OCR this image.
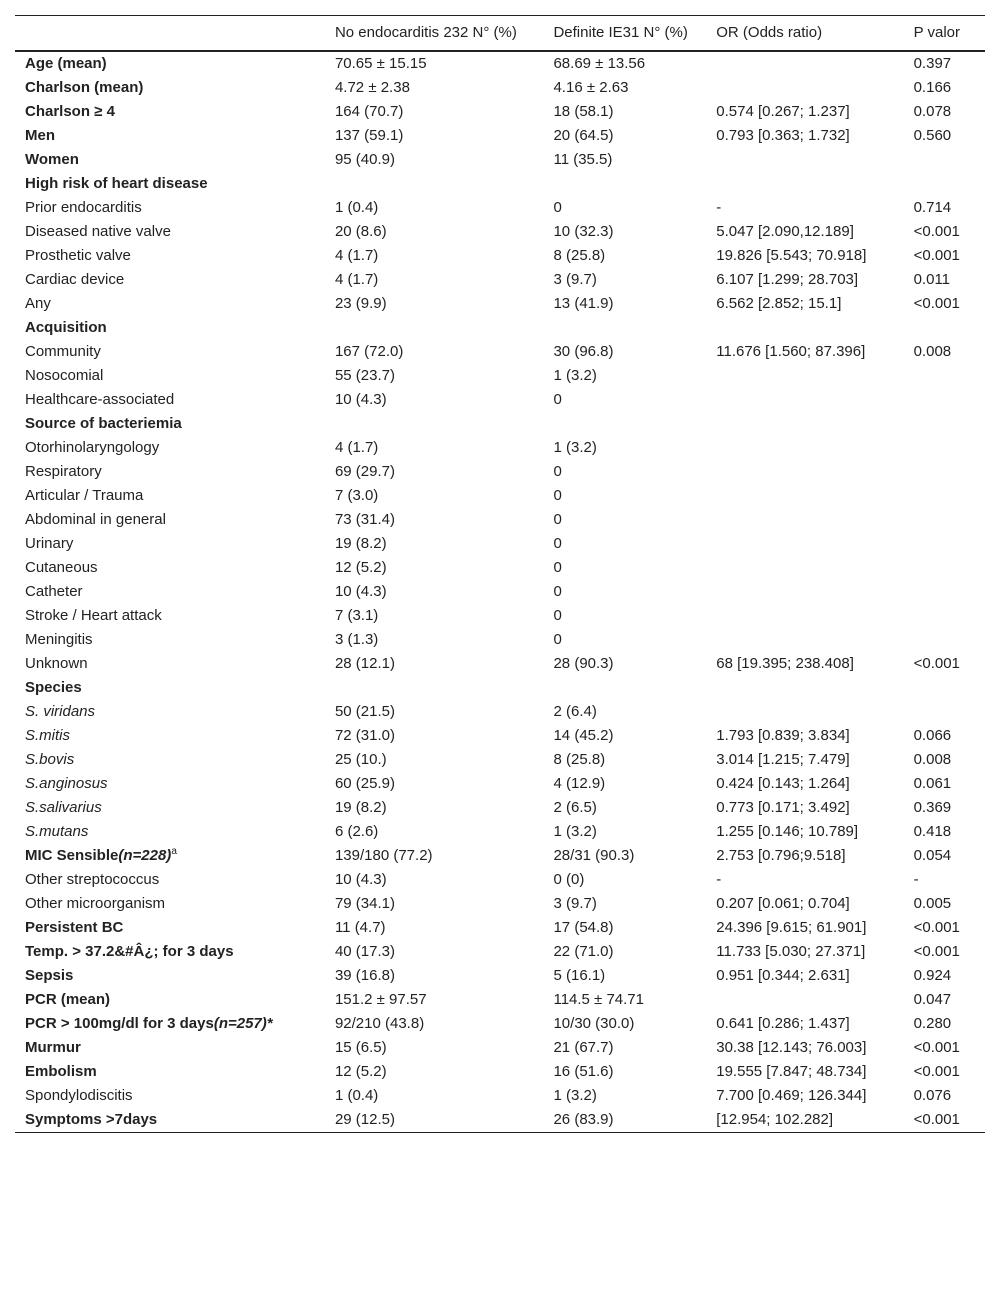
	No endocarditis 232 N° (%)	Definite IE31 N° (%)	OR (Odds ratio)	P valor
Age (mean)	70.65 ± 15.15	68.69 ± 13.56		0.397
Charlson (mean)	4.72 ± 2.38	4.16 ± 2.63		0.166
Charlson ≥ 4	164 (70.7)	18 (58.1)	0.574 [0.267; 1.237]	0.078
Men	137 (59.1)	20 (64.5)	0.793 [0.363; 1.732]	0.560
Women	95 (40.9)	11 (35.5)		
High risk of heart disease				
Prior endocarditis	1 (0.4)	0	-	0.714
Diseased native valve	20 (8.6)	10 (32.3)	5.047 [2.090,12.189]	<0.001
Prosthetic valve	4 (1.7)	8 (25.8)	19.826 [5.543; 70.918]	<0.001
Cardiac device	4 (1.7)	3 (9.7)	6.107 [1.299; 28.703]	0.011
Any	23 (9.9)	13 (41.9)	6.562 [2.852; 15.1]	<0.001
Acquisition				
Community	167 (72.0)	30 (96.8)	11.676 [1.560; 87.396]	0.008
Nosocomial	55 (23.7)	1 (3.2)		
Healthcare-associated	10 (4.3)	0		
Source of bacteriemia				
Otorhinolaryngology	4 (1.7)	1 (3.2)		
Respiratory	69 (29.7)	0		
Articular / Trauma	7 (3.0)	0		
Abdominal in general	73 (31.4)	0		
Urinary	19 (8.2)	0		
Cutaneous	12 (5.2)	0		
Catheter	10 (4.3)	0		
Stroke / Heart attack	7 (3.1)	0		
Meningitis	3 (1.3)	0		
Unknown	28 (12.1)	28 (90.3)	68 [19.395; 238.408]	<0.001
Species				
S. viridans	50 (21.5)	2 (6.4)		
S.mitis	72 (31.0)	14 (45.2)	1.793 [0.839; 3.834]	0.066
S.bovis	25 (10.)	8 (25.8)	3.014 [1.215; 7.479]	0.008
S.anginosus	60 (25.9)	4 (12.9)	0.424 [0.143; 1.264]	0.061
S.salivarius	19 (8.2)	2 (6.5)	0.773 [0.171; 3.492]	0.369
S.mutans	6 (2.6)	1 (3.2)	1.255 [0.146; 10.789]	0.418
MIC Sensible(n=228)$^a$	139/180 (77.2)	28/31 (90.3)	2.753 [0.796;9.518]	0.054
Other streptococcus	10 (4.3)	0 (0)	-	-
Other microorganism	79 (34.1)	3 (9.7)	0.207 [0.061; 0.704]	0.005
Persistent BC	11 (4.7)	17 (54.8)	24.396 [9.615; 61.901]	<0.001
Temp. > 37.2&#Â¿; for 3 days	40 (17.3)	22 (71.0)	11.733 [5.030; 27.371]	<0.001
Sepsis	39 (16.8)	5 (16.1)	0.951 [0.344; 2.631]	0.924
PCR (mean)	151.2 ± 97.57	114.5 ± 74.71		0.047
PCR > 100mg/dl for 3 days(n=257)*	92/210 (43.8)	10/30 (30.0)	0.641 [0.286; 1.437]	0.280
Murmur	15 (6.5)	21 (67.7)	30.38 [12.143; 76.003]	<0.001
Embolism	12 (5.2)	16 (51.6)	19.555 [7.847; 48.734]	<0.001
Spondylodiscitis	1 (0.4)	1 (3.2)	7.700 [0.469; 126.344]	0.076
Symptoms >7days	29 (12.5)	26 (83.9)	[12.954; 102.282]	<0.001
